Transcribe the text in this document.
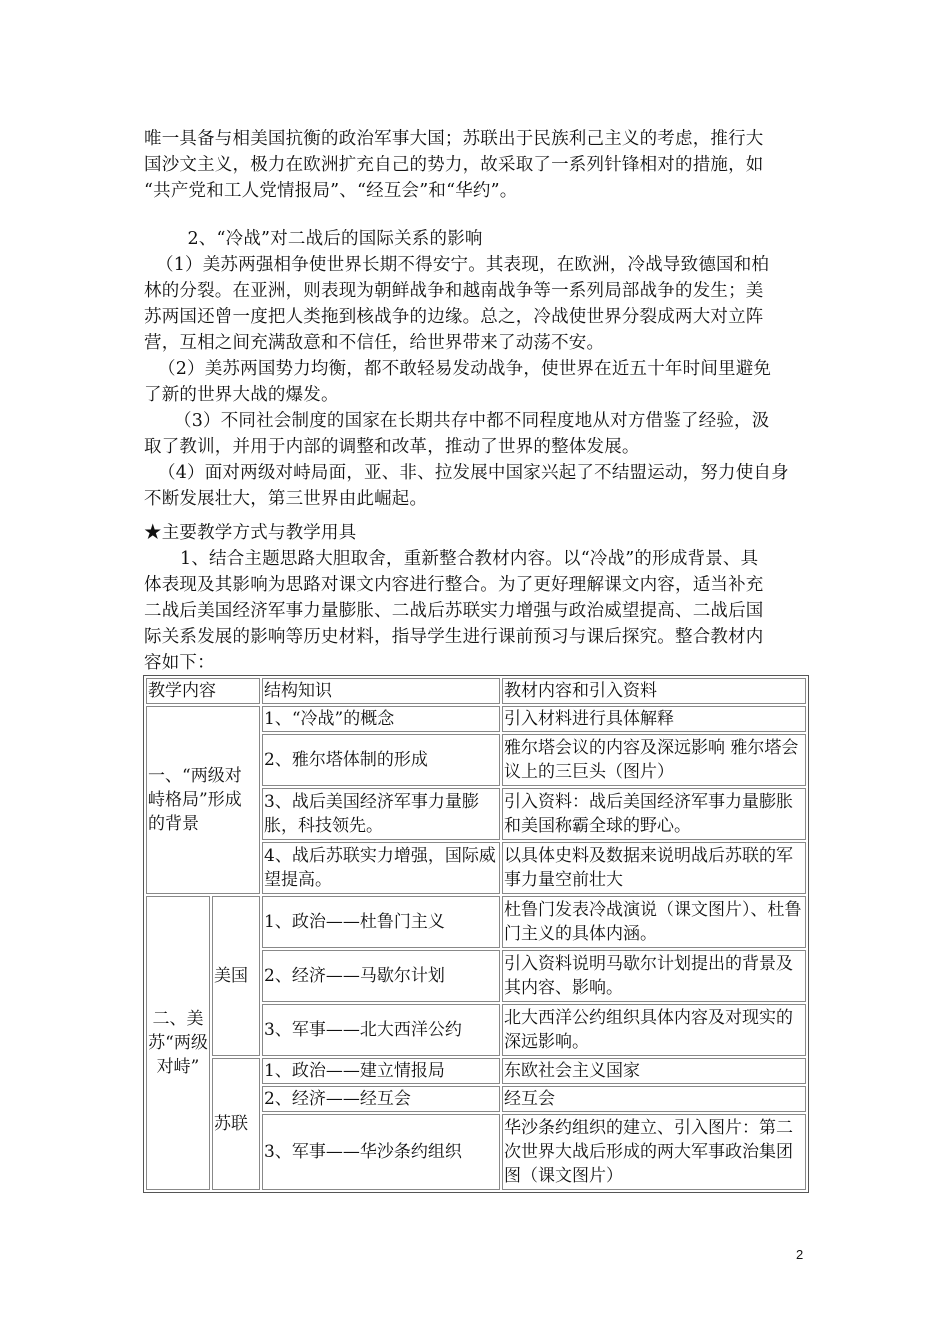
唯一具备与相美国抗衡的政治军事大国；苏联出于民族利己主义的考虑，推行大
国沙文主义，极力在欧洲扩充自己的势力，故采取了一系列针锋相对的措施，如
“共产党和工人党情报局”、“经互会”和“华约”。
　 2、“冷战”对二战后的国际关系的影响
（1）美苏两强相争使世界长期不得安宁。其表现，在欧洲，冷战导致德国和柏
林的分裂。在亚洲，则表现为朝鲜战争和越南战争等一系列局部战争的发生；美
苏两国还曾一度把人类拖到核战争的边缘。总之，冷战使世界分裂成两大对立阵
营，互相之间充满敌意和不信任，给世界带来了动荡不安。
（2）美苏两国势力均衡，都不敢轻易发动战争，使世界在近五十年时间里避免
了新的世界大战的爆发。
（3）不同社会制度的国家在长期共存中都不同程度地从对方借鉴了经验，汲
取了教训，并用于内部的调整和改革，推动了世界的整体发展。
（4）面对两级对峙局面，亚、非、拉发展中国家兴起了不结盟运动，努力使自身
不断发展壮大，第三世界由此崛起。
★主要教学方式与教学用具
1、结合主题思路大胆取舍，重新整合教材内容。以“冷战”的形成背景、具
体表现及其影响为思路对课文内容进行整合。为了更好理解课文内容，适当补充
二战后美国经济军事力量膨胀、二战后苏联实力增强与政治威望提高、二战后国
际关系发展的影响等历史材料，指导学生进行课前预习与课后探究。整合教材内
容如下：
教学内容		结构知识	教材内容和引入资料
一、“两级对峙格局”形成的背景		1、“冷战”的概念	引入材料进行具体解释
		2、雅尔塔体制的形成	雅尔塔会议的内容及深远影响 雅尔塔会议上的三巨头（图片）
		3、战后美国经济军事力量膨胀，科技领先。	引入资料：战后美国经济军事力量膨胀和美国称霸全球的野心。
		4、战后苏联实力增强，国际威望提高。	以具体史料及数据来说明战后苏联的军事力量空前壮大
二、美苏“两级对峙”	美国	1、政治——杜鲁门主义	杜鲁门发表冷战演说（课文图片）、杜鲁门主义的具体内涵。
		2、经济——马歇尔计划	引入资料说明马歇尔计划提出的背景及其内容、影响。
		3、军事——北大西洋公约	北大西洋公约组织具体内容及对现实的深远影响。
	苏联	1、政治——建立情报局	东欧社会主义国家
		2、经济——经互会	经互会
		3、军事——华沙条约组织	华沙条约组织的建立、引入图片：第二次世界大战后形成的两大军事政治集团图（课文图片）
2
